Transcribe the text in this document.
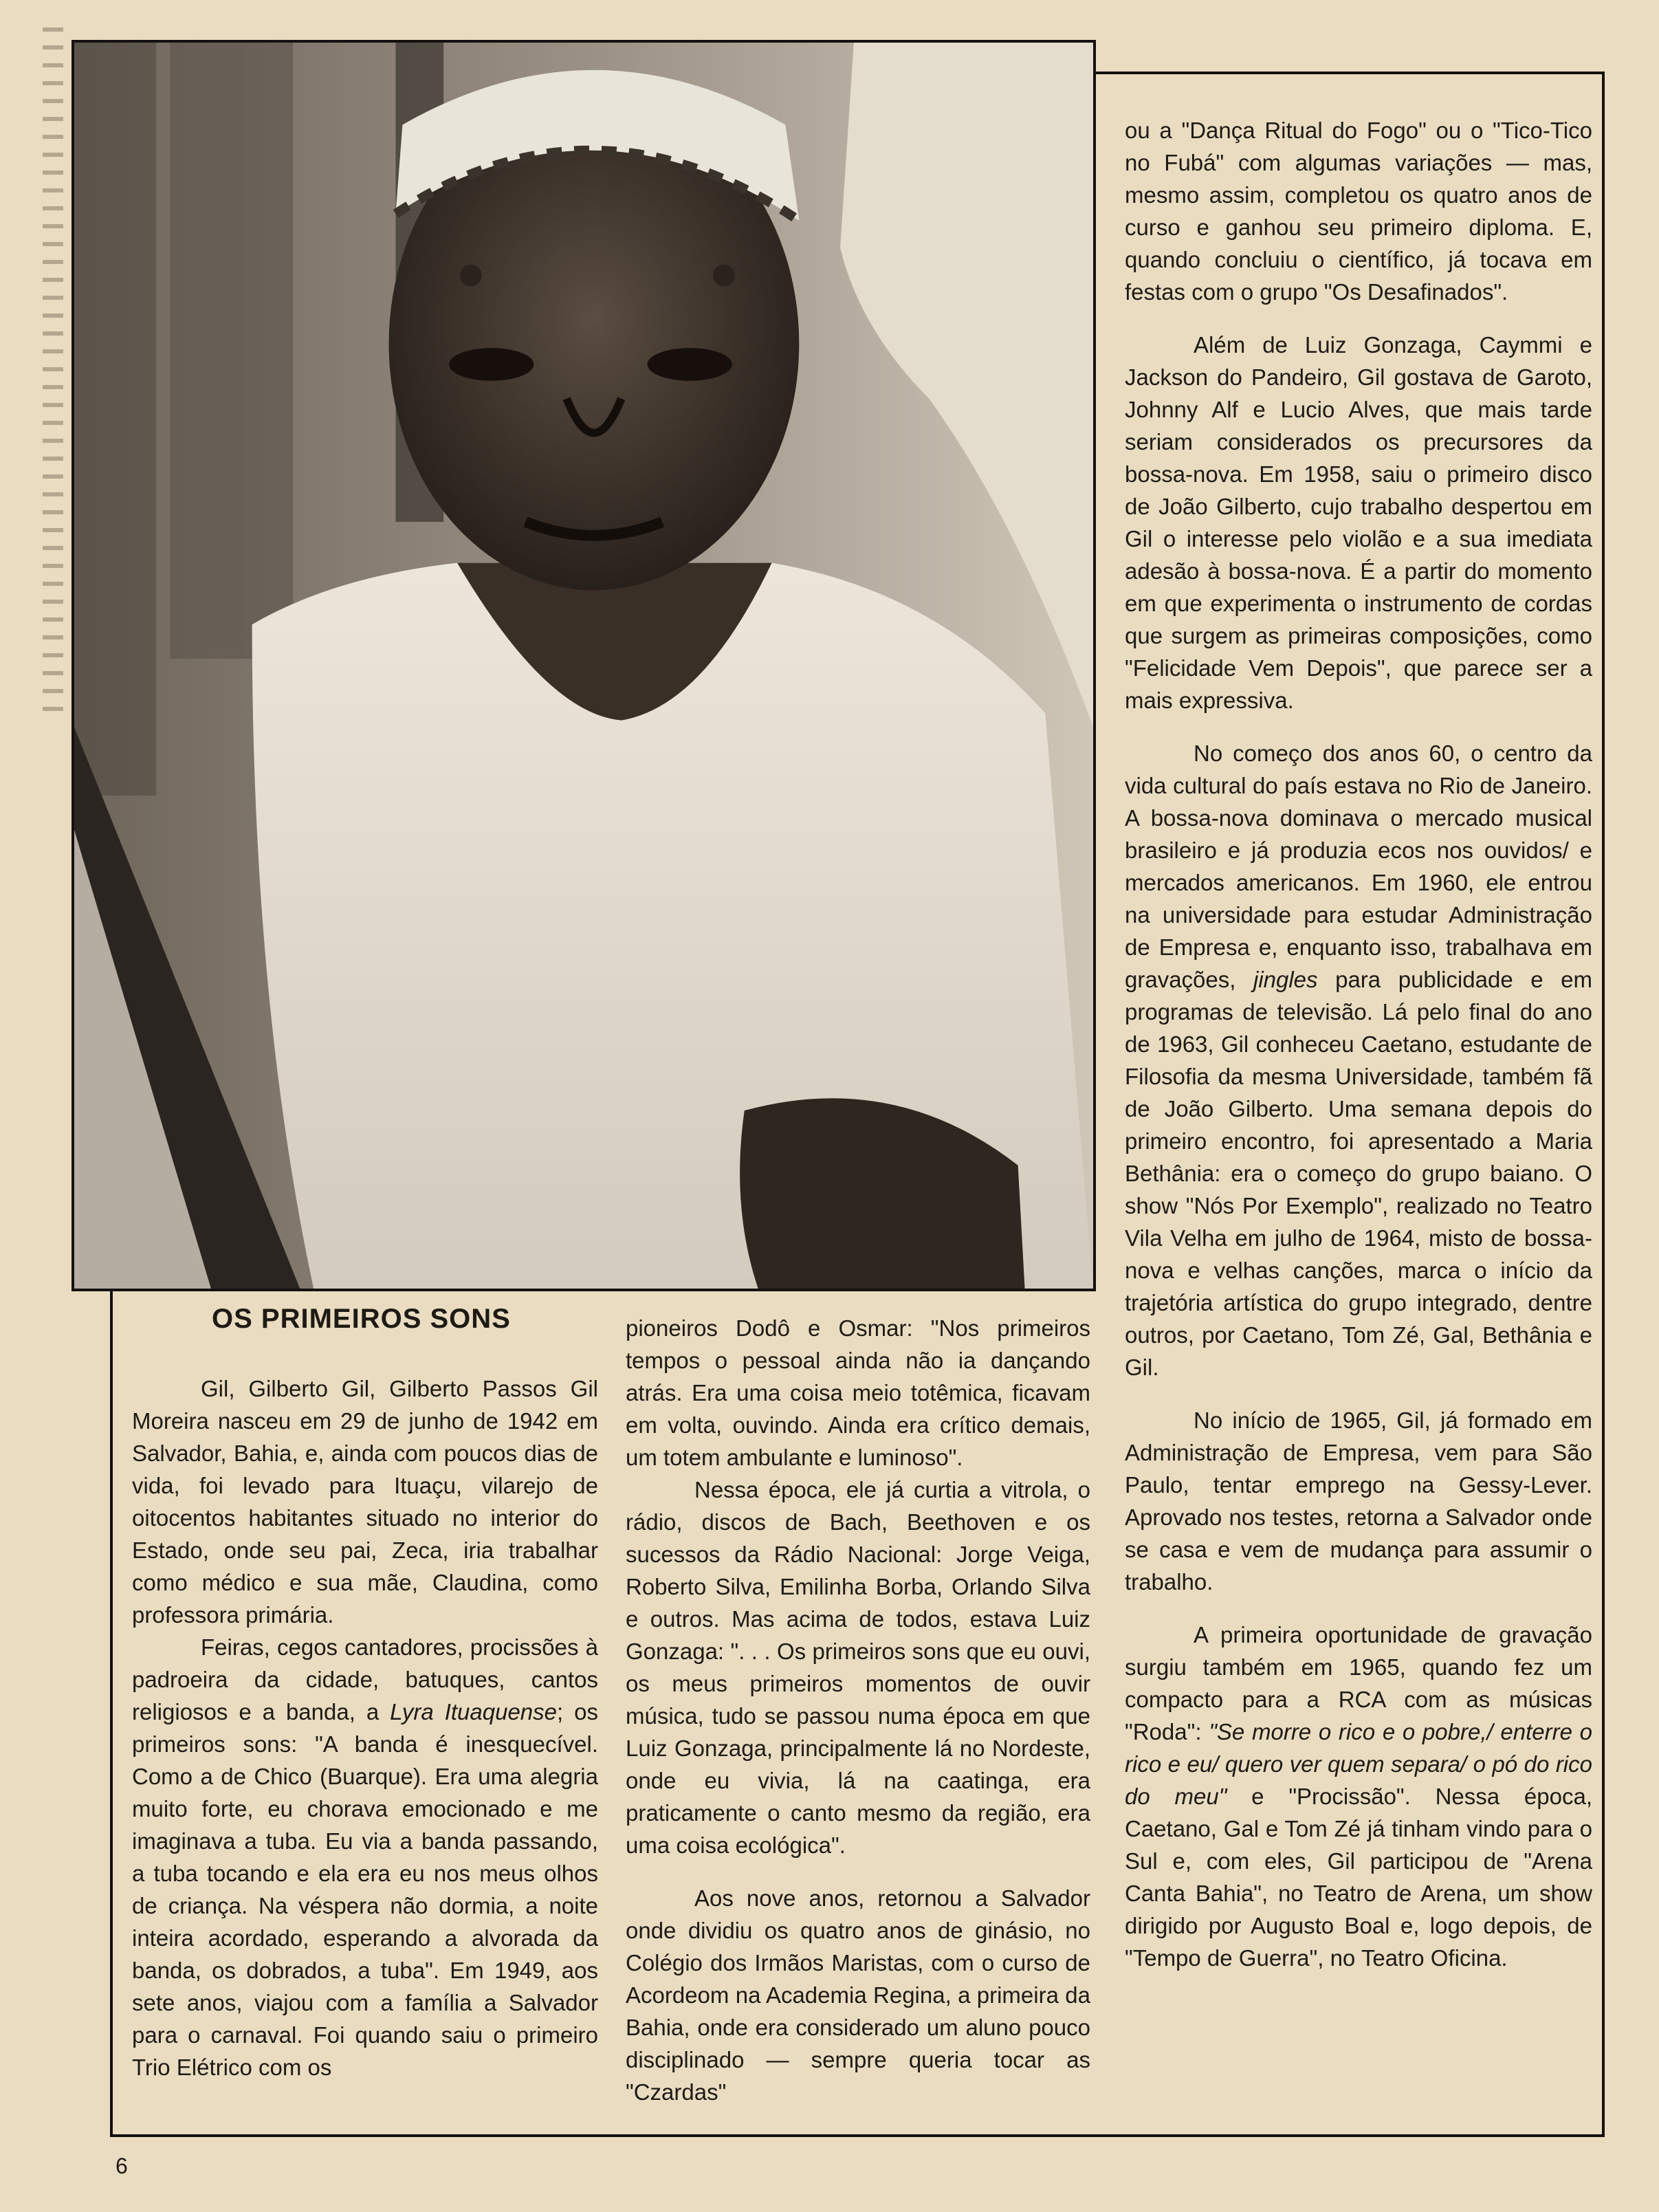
OS PRIMEIROS SONS

Gil, Gilberto Gil, Gilberto Passos Gil Moreira nasceu em 29 de junho de 1942 em Salvador, Bahia, e, ainda com poucos dias de vida, foi levado para Ituaçu, vilarejo de oitocentos habitantes situado no interior do Estado, onde seu pai, Zeca, iria trabalhar como médico e sua mãe, Claudina, como professora primária.

Feiras, cegos cantadores, procissões à padroeira da cidade, batuques, cantos religiosos e a banda, a Lyra Ituaquense; os primeiros sons: "A banda é inesquecível. Como a de Chico (Buarque). Era uma alegria muito forte, eu chorava emocionado e me imaginava a tuba. Eu via a banda passando, a tuba tocando e ela era eu nos meus olhos de criança. Na véspera não dormia, a noite inteira acordado, esperando a alvorada da banda, os dobrados, a tuba". Em 1949, aos sete anos, viajou com a família a Salvador para o carnaval. Foi quando saiu o primeiro Trio Elétrico com os

pioneiros Dodô e Osmar: "Nos primeiros tempos o pessoal ainda não ia dançando atrás. Era uma coisa meio totêmica, ficavam em volta, ouvindo. Ainda era crítico demais, um totem ambulante e luminoso".

Nessa época, ele já curtia a vitrola, o rádio, discos de Bach, Beethoven e os sucessos da Rádio Nacional: Jorge Veiga, Roberto Silva, Emilinha Borba, Orlando Silva e outros. Mas acima de todos, estava Luiz Gonzaga: ". . . Os primeiros sons que eu ouvi, os meus primeiros momentos de ouvir música, tudo se passou numa época em que Luiz Gonzaga, principalmente lá no Nordeste, onde eu vivia, lá na caatinga, era praticamente o canto mesmo da região, era uma coisa ecológica".

Aos nove anos, retornou a Salvador onde dividiu os quatro anos de ginásio, no Colégio dos Irmãos Maristas, com o curso de Acordeom na Academia Regina, a primeira da Bahia, onde era considerado um aluno pouco disciplinado — sempre queria tocar as "Czardas"

ou a "Dança Ritual do Fogo" ou o "Tico-Tico no Fubá" com algumas variações — mas, mesmo assim, completou os quatro anos de curso e ganhou seu primeiro diploma. E, quando concluiu o científico, já tocava em festas com o grupo "Os Desafinados".

Além de Luiz Gonzaga, Caymmi e Jackson do Pandeiro, Gil gostava de Garoto, Johnny Alf e Lucio Alves, que mais tarde seriam considerados os precursores da bossa-nova. Em 1958, saiu o primeiro disco de João Gilberto, cujo trabalho despertou em Gil o interesse pelo violão e a sua imediata adesão à bossa-nova. É a partir do momento em que experimenta o instrumento de cordas que surgem as primeiras composições, como "Felicidade Vem Depois", que parece ser a mais expressiva.

No começo dos anos 60, o centro da vida cultural do país estava no Rio de Janeiro. A bossa-nova dominava o mercado musical brasileiro e já produzia ecos nos ouvidos/ e mercados americanos. Em 1960, ele entrou na universidade para estudar Administração de Empresa e, enquanto isso, trabalhava em gravações, jingles para publicidade e em programas de televisão. Lá pelo final do ano de 1963, Gil conheceu Caetano, estudante de Filosofia da mesma Universidade, também fã de João Gilberto. Uma semana depois do primeiro encontro, foi apresentado a Maria Bethânia: era o começo do grupo baiano. O show "Nós Por Exemplo", realizado no Teatro Vila Velha em julho de 1964, misto de bossa-nova e velhas canções, marca o início da trajetória artística do grupo integrado, dentre outros, por Caetano, Tom Zé, Gal, Bethânia e Gil.

No início de 1965, Gil, já formado em Administração de Empresa, vem para São Paulo, tentar emprego na Gessy-Lever. Aprovado nos testes, retorna a Salvador onde se casa e vem de mudança para assumir o trabalho.

A primeira oportunidade de gravação surgiu também em 1965, quando fez um compacto para a RCA com as músicas "Roda": "Se morre o rico e o pobre,/ enterre o rico e eu/ quero ver quem separa/ o pó do rico do meu" e "Procissão". Nessa época, Caetano, Gal e Tom Zé já tinham vindo para o Sul e, com eles, Gil participou de "Arena Canta Bahia", no Teatro de Arena, um show dirigido por Augusto Boal e, logo depois, de "Tempo de Guerra", no Teatro Oficina.

6
